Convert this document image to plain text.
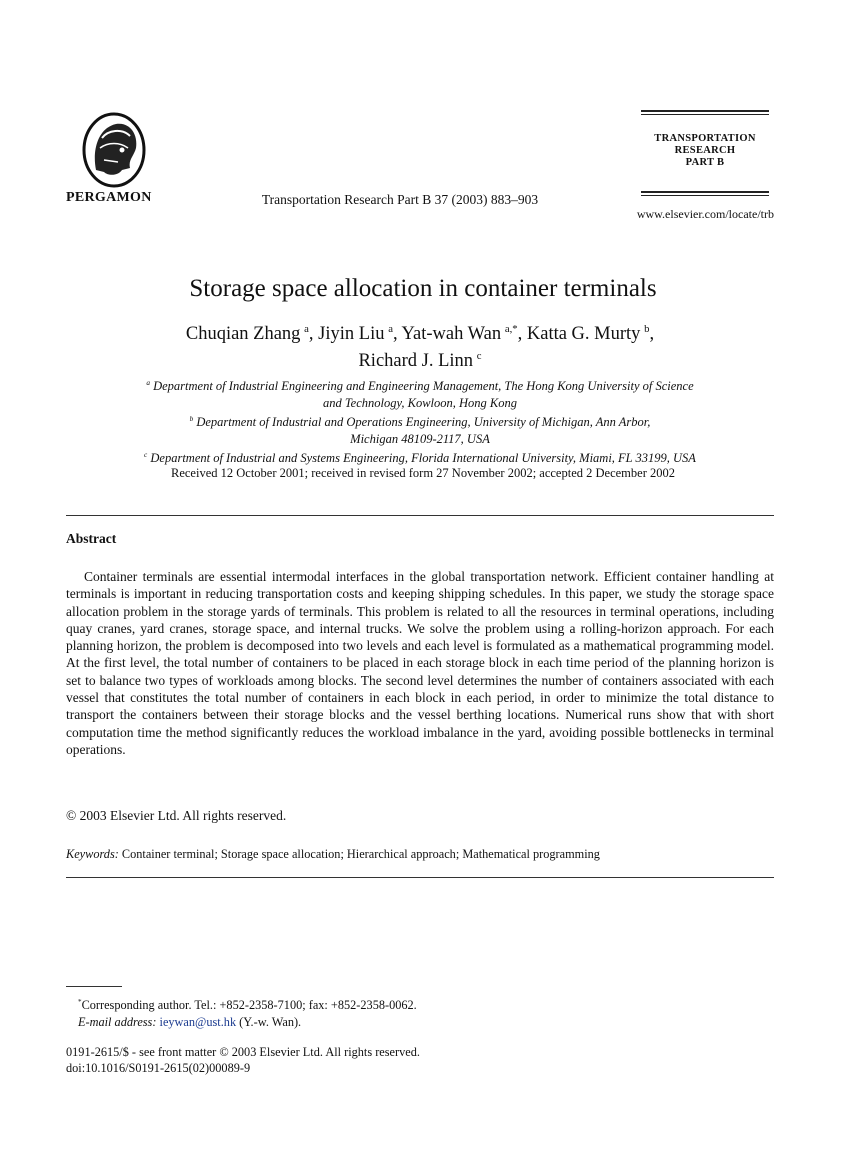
PERGAMON	Transportation Research Part B 37 (2003) 883–903
TRANSPORTATION
RESEARCH
PART B
www.elsevier.com/locate/trb
Storage space allocation in container terminals
Chuqian Zhang  $^a$, Jiyin Liu  $^a$, Yat-wah Wan  $^{a,*}$, Katta G. Murty  $^b$,
Richard J. Linn  $^c$
$^a$ Department of Industrial Engineering and Engineering Management, The Hong Kong University of Science
and Technology, Kowloon, Hong Kong
$^b$ Department of Industrial and Operations Engineering, University of Michigan, Ann Arbor,
Michigan 48109-2117, USA
$^c$ Department of Industrial and Systems Engineering, Florida International University, Miami, FL 33199, USA
Received 12 October 2001; received in revised form 27 November 2002; accepted 2 December 2002
Abstract
Container terminals are essential intermodal interfaces in the global transportation network. Efficient container handling at terminals is important in reducing transportation costs and keeping shipping schedules. In this paper, we study the storage space allocation problem in the storage yards of terminals. This problem is related to all the resources in terminal operations, including quay cranes, yard cranes, storage space, and internal trucks. We solve the problem using a rolling-horizon approach. For each planning horizon, the problem is decomposed into two levels and each level is formulated as a mathematical programming model. At the first level, the total number of containers to be placed in each storage block in each time period of the planning horizon is set to balance two types of workloads among blocks. The second level determines the number of containers associated with each vessel that constitutes the total number of containers in each block in each period, in order to minimize the total distance to transport the containers between their storage blocks and the vessel berthing locations. Numerical runs show that with short computation time the method significantly reduces the workload imbalance in the yard, avoiding possible bottlenecks in terminal operations.
© 2003 Elsevier Ltd. All rights reserved.
Keywords: Container terminal; Storage space allocation; Hierarchical approach; Mathematical programming
*Corresponding author. Tel.: +852-2358-7100; fax: +852-2358-0062.
E-mail address: ieywan@ust.hk (Y.-w. Wan).
0191-2615/$ - see front matter © 2003 Elsevier Ltd. All rights reserved.
doi:10.1016/S0191-2615(02)00089-9
